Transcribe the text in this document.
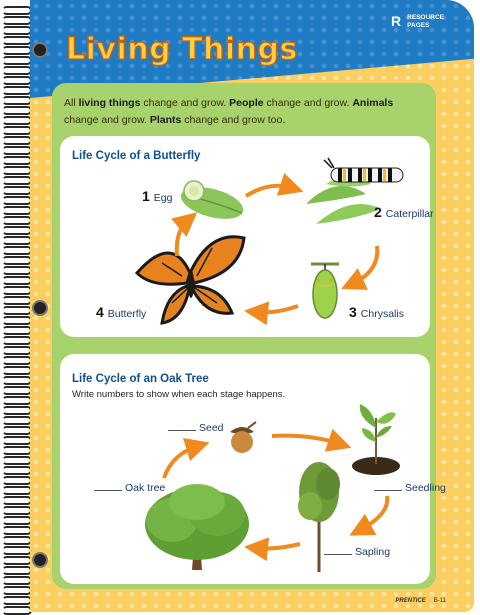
Living Things
R RESOURCE
PAGES
All living things change and grow. People change and grow. Animals change and grow. Plants change and grow too.
Life Cycle of a Butterfly
1 Egg
2 Caterpillar
3 Chrysalis
4 Butterfly
Life Cycle of an Oak Tree
Write numbers to show when each stage happens.
Seed
Seedling
Sapling
Oak tree
PRENTICE B-11
